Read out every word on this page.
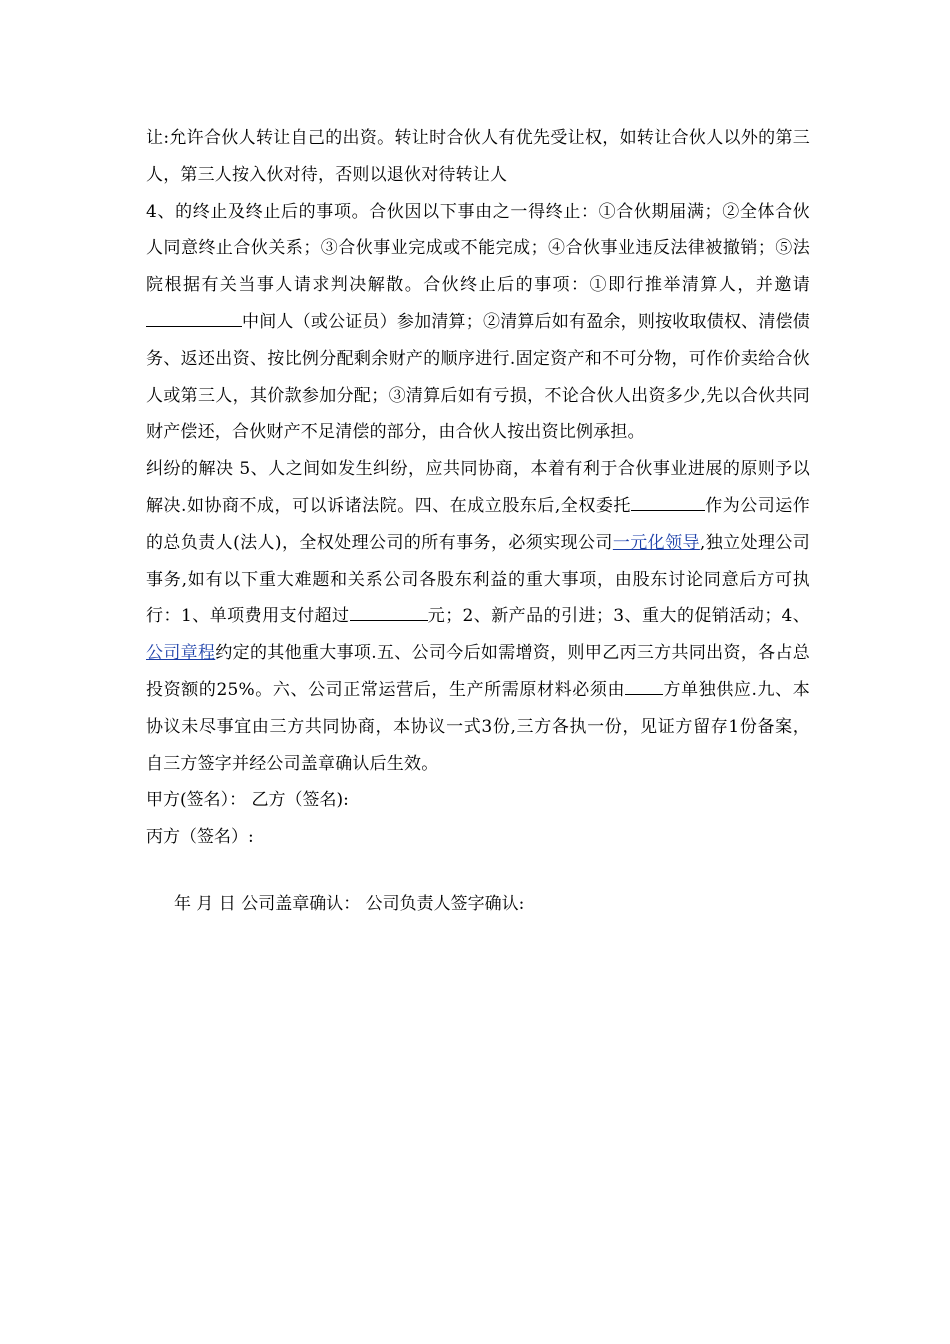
让:允许合伙人转让自己的出资。转让时合伙人有优先受让权，如转让合伙人以外的第三人，第三人按入伙对待，否则以退伙对待转让人

4、的终止及终止后的事项。合伙因以下事由之一得终止：①合伙期届满；②全体合伙人同意终止合伙关系；③合伙事业完成或不能完成；④合伙事业违反法律被撤销；⑤法院根据有关当事人请求判决解散。合伙终止后的事项：①即行推举清算人，并邀请中间人（或公证员）参加清算；②清算后如有盈余，则按收取债权、清偿债务、返还出资、按比例分配剩余财产的顺序进行.固定资产和不可分物，可作价卖给合伙人或第三人，其价款参加分配；③清算后如有亏损，不论合伙人出资多少,先以合伙共同财产偿还，合伙财产不足清偿的部分，由合伙人按出资比例承担。

纠纷的解决 5、人之间如发生纠纷，应共同协商，本着有利于合伙事业进展的原则予以解决.如协商不成，可以诉诸法院。四、在成立股东后,全权委托	作为公司运作的总负责人(法人)，全权处理公司的所有事务，必须实现公司一元化领导,独立处理公司事务,如有以下重大难题和关系公司各股东利益的重大事项，由股东讨论同意后方可执行：1、单项费用支付超过	元；2、新产品的引进；3、重大的促销活动；4、公司章程约定的其他重大事项.五、公司今后如需增资，则甲乙丙三方共同出资，各占总投资额的25%。六、公司正常运营后，生产所需原材料必须由 方单独供应.九、本协议未尽事宜由三方共同协商，本协议一式3份,三方各执一份，见证方留存1份备案，自三方签字并经公司盖章确认后生效。

甲方(签名）： 乙方（签名):

丙方（签名）:

年 月 日 公司盖章确认： 公司负责人签字确认:
